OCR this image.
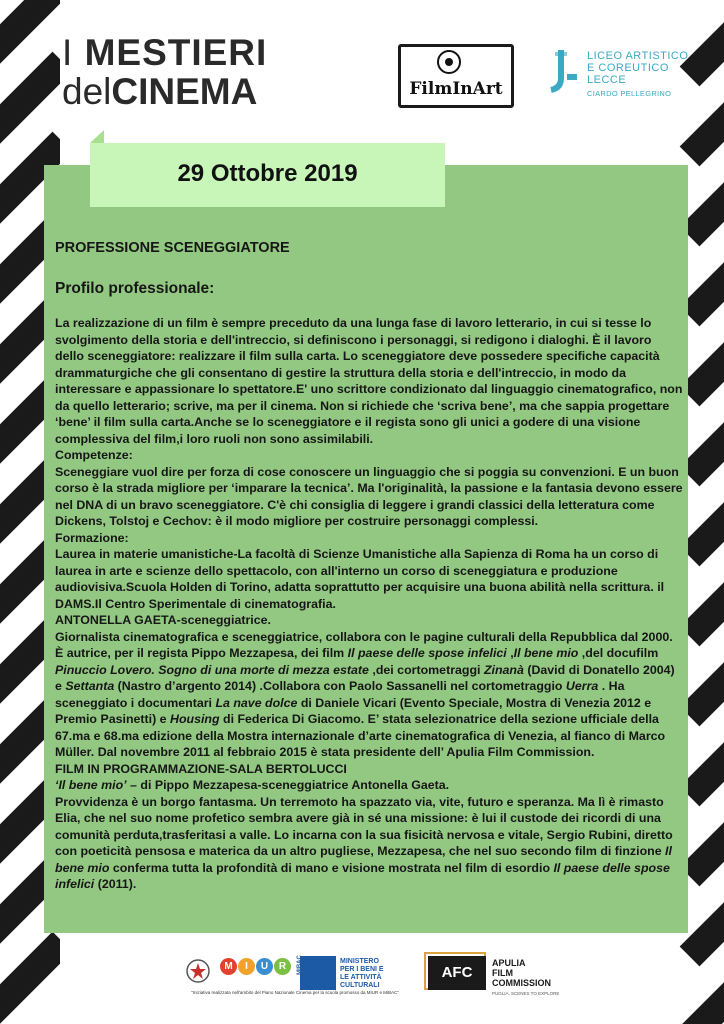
I MESTIERI
delCINEMA	FilmInArt
LICEO ARTISTICO
E COREUTICO
LECCE
CIARDO PELLEGRINO

PROFESSIONE SCENEGGIATORE

Profilo professionale:

La realizzazione di un film è sempre preceduto da una lunga fase di lavoro letterario, in cui si tesse lo svolgimento della storia e dell'intreccio, si definiscono i personaggi, si redigono i dialoghi. È il lavoro dello sceneggiatore: realizzare il film sulla carta. Lo sceneggiatore deve possedere specifiche capacità drammaturgiche che gli consentano di gestire la struttura della storia e dell'intreccio, in modo da interessare e appassionare lo spettatore.E' uno scrittore condizionato dal linguaggio cinematografico, non da quello letterario; scrive, ma per il cinema. Non si richiede che ‘scriva bene’, ma che sappia progettare ‘bene’ il film sulla carta.Anche se lo sceneggiatore e il regista sono gli unici a godere di una visione complessiva del film,i loro ruoli non sono assimilabili.

Competenze:

Sceneggiare vuol dire per forza di cose conoscere un linguaggio che si poggia su convenzioni. E un buon corso è la strada migliore per ‘imparare la tecnica’. Ma l'originalità, la passione e la fantasia devono essere nel DNA di un bravo sceneggiatore. C'è chi consiglia di leggere i grandi classici della letteratura come Dickens, Tolstoj e Cechov: è il modo migliore per costruire personaggi complessi.

Formazione:

Laurea in materie umanistiche-La facoltà di Scienze Umanistiche alla Sapienza di Roma ha un corso di laurea in arte e scienze dello spettacolo, con all'interno un corso di sceneggiatura e produzione audiovisiva.Scuola Holden di Torino, adatta soprattutto per acquisire una buona abilità nella scrittura. il DAMS.Il Centro Sperimentale di cinematografia.

ANTONELLA GAETA-sceneggiatrice.

Giornalista cinematografica e sceneggiatrice, collabora con le pagine culturali della Repubblica dal 2000. È autrice, per il regista Pippo Mezzapesa, dei film Il paese delle spose infelici ,Il bene mio ,del docufilm Pinuccio Lovero. Sogno di una morte di mezza estate ,dei cortometraggi Zinanà (David di Donatello 2004) e Settanta (Nastro d’argento 2014) .Collabora con Paolo Sassanelli nel cortometraggio Uerra . Ha sceneggiato i documentari La nave dolce di Daniele Vicari (Evento Speciale, Mostra di Venezia 2012 e Premio Pasinetti) e Housing di Federica Di Giacomo. E’ stata selezionatrice della sezione ufficiale della 67.ma e 68.ma edizione della Mostra internazionale d’arte cinematografica di Venezia, al fianco di Marco Müller. Dal novembre 2011 al febbraio 2015 è stata presidente dell’ Apulia Film Commission.

FILM IN PROGRAMMAZIONE-SALA BERTOLUCCI

‘Il bene mio’ – di Pippo Mezzapesa-sceneggiatrice Antonella Gaeta.

Provvidenza è un borgo fantasma. Un terremoto ha spazzato via, vite, futuro e speranza. Ma lì è rimasto Elia, che nel suo nome profetico sembra avere già in sé una missione: è lui il custode dei ricordi di una comunità perduta,trasferitasi a valle. Lo incarna con la sua fisicità nervosa e vitale, Sergio Rubini, diretto con poeticità pensosa e materica da un altro pugliese, Mezzapesa, che nel suo secondo film di finzione Il bene mio conferma tutta la profondità di mano e visione mostrata nel film di esordio Il paese delle spose infelici (2011).

29 Ottobre 2019
M I U R	MIBAC	MINISTERO
PER I BENI E
LE ATTIVITÀ
CULTURALI
"Iniziativa realizzata nell'ambito del Piano Nazionale Cinema per la scuola promosso da MIUR e MiBAC"
AFC
APULIA
FILM
COMMISSION
PUGLIA, SCENES TO EXPLORE
